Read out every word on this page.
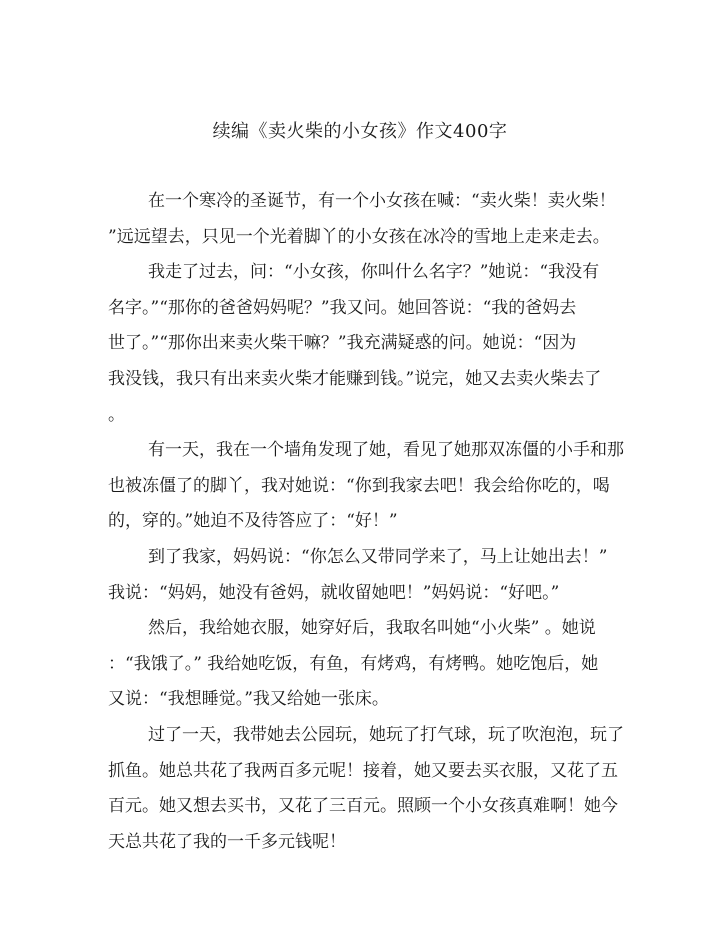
续编《卖火柴的小女孩》作文400字

在一个寒冷的圣诞节，有一个小女孩在喊：“卖火柴！卖火柴！
”远远望去，只见一个光着脚丫的小女孩在冰冷的雪地上走来走去。

我走了过去，问：“小女孩，你叫什么名字？”她说：“我没有
名字。”“那你的爸爸妈妈呢？”我又问。她回答说：“我的爸妈去
世了。”“那你出来卖火柴干嘛？”我充满疑惑的问。她说：“因为
我没钱，我只有出来卖火柴才能赚到钱。”说完，她又去卖火柴去了
。

有一天，我在一个墙角发现了她，看见了她那双冻僵的小手和那
也被冻僵了的脚丫，我对她说：“你到我家去吧！我会给你吃的，喝
的，穿的。”她迫不及待答应了：“好！”

到了我家，妈妈说：“你怎么又带同学来了，马上让她出去！”
我说：“妈妈，她没有爸妈，就收留她吧！”妈妈说：“好吧。”

然后，我给她衣服，她穿好后，我取名叫她“小火柴” 。她说
：“我饿了。” 我给她吃饭，有鱼，有烤鸡，有烤鸭。她吃饱后，她
又说：“我想睡觉。”我又给她一张床。

过了一天，我带她去公园玩，她玩了打气球，玩了吹泡泡，玩了
抓鱼。她总共花了我两百多元呢！接着，她又要去买衣服，又花了五
百元。她又想去买书，又花了三百元。照顾一个小女孩真难啊！她今
天总共花了我的一千多元钱呢！
